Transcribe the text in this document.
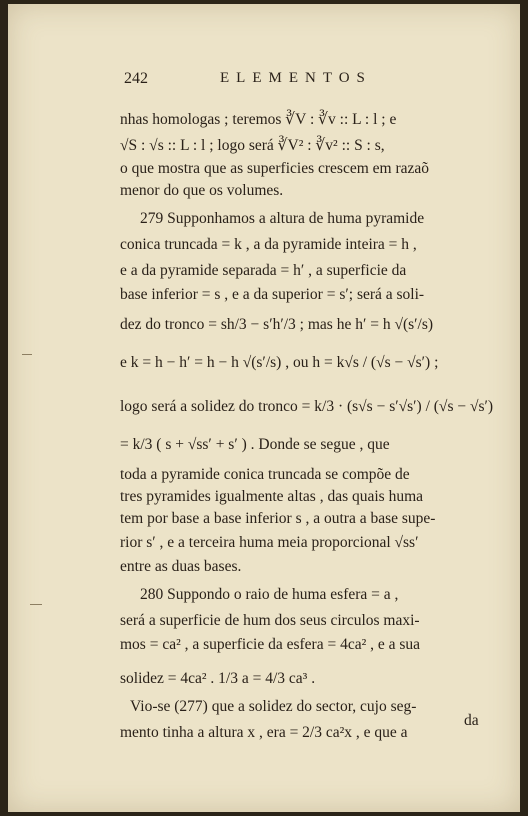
242	ELEMENTOS
nhas homologas ; teremos ∛V : ∛v :: L : l ; e
√S : √s :: L : l ; logo será ∛V² : ∛v² :: S : s,
o que mostra que as superficies crescem em razaõ
menor do que os volumes.
279 Supponhamos a altura de huma pyramide
conica truncada = k , a da pyramide inteira = h ,
e a da pyramide separada = h′ , a superficie da
base inferior = s , e a da superior = s′; será a soli-
dez do tronco = sh/3 − s′h′/3 ; mas he h′ = h √(s′/s)
e k = h − h′ = h − h √(s′/s) , ou h = k√s / (√s − √s′) ;
logo será a solidez do tronco = k/3 · (s√s − s′√s′) / (√s − √s′)
= k/3 ( s + √ss′ + s′ ) . Donde se segue , que
toda a pyramide conica truncada se compõe de
tres pyramides igualmente altas , das quais huma
tem por base a base inferior s , a outra a base supe-
rior s′ , e a terceira huma meia proporcional √ss′
entre as duas bases.
280 Suppondo o raio de huma esfera = a ,
será a superficie de hum dos seus circulos maxi-
mos = ca² , a superficie da esfera = 4ca² , e a sua
solidez = 4ca² . 1/3 a = 4/3 ca³ .
Vio-se (277) que a solidez do sector, cujo seg-
mento tinha a altura x , era = 2/3 ca²x , e que a
da
